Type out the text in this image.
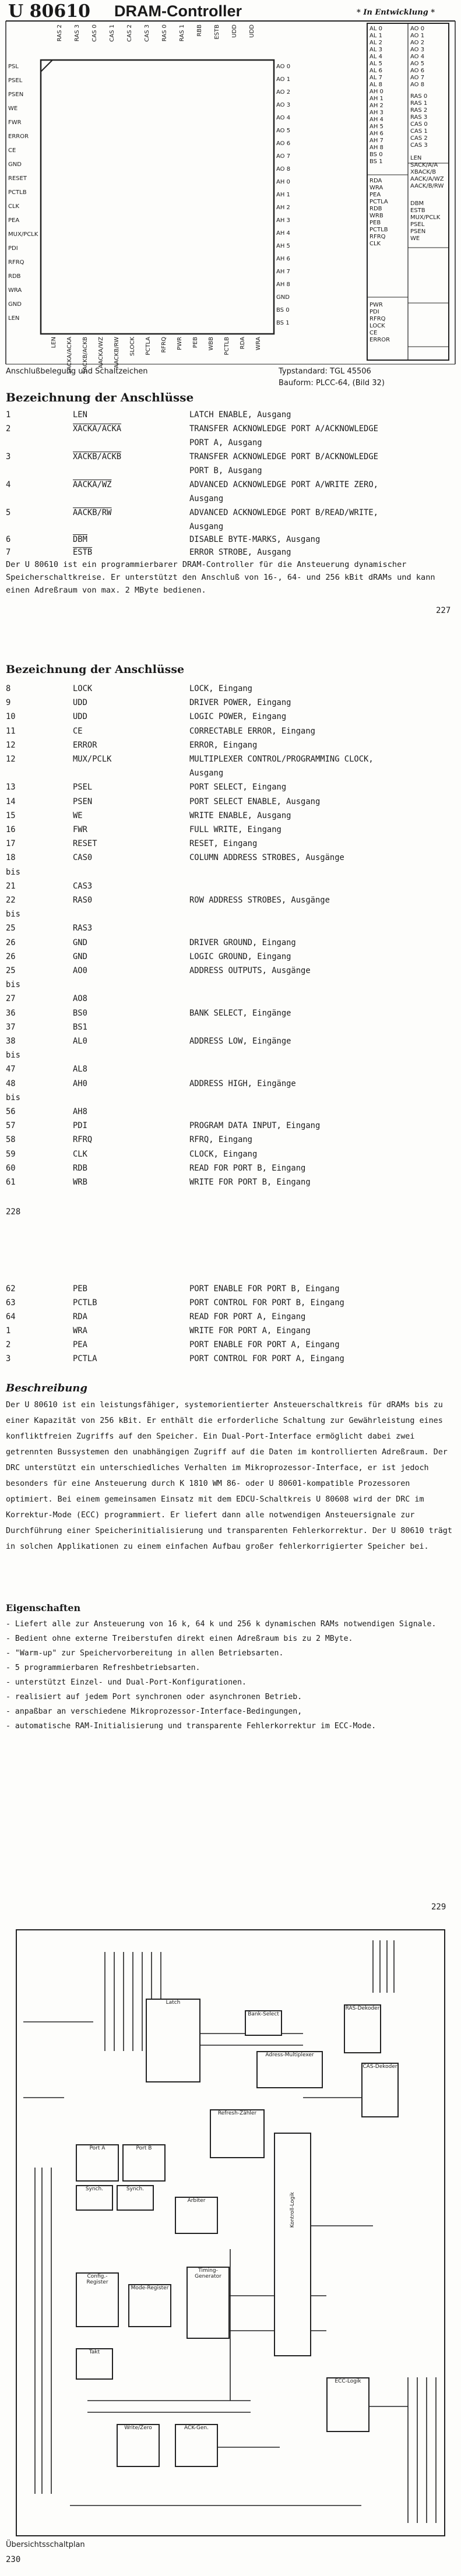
U 80610 DRAM-Controller	* In Entwicklung *
RAS 2 RAS 3 CAS 0 CAS 1 CAS 2 CAS 3 RAS 0 RAS 1 RBB ESTB UDD UDD
PSL
PSEL
PSEN
WE
FWR
ERROR
CE
GND
RESET
PCTLB
CLK
PEA
MUX/PCLK
PDI
RFRQ
RDB
WRA
GND
LEN
AO 0
AO 1
AO 2
AO 3
AO 4
AO 5
AO 6
AO 7
AO 8
AH 0
AH 1
AH 2
AH 3
AH 4
AH 5
AH 6
AH 7
AH 8
GND
BS 0
BS 1
LEN SACKA/ACKA SACKB/ACKB AACKA/WZ AACKB/RW SLOCK PCTLA RFRQ PWR PEB WBB PCTLB RDA WRA
AL 0
AL 1
AL 2
AL 3
AL 4
AL 5
AL 6
AL 7
AL 8
AH 0
AH 1
AH 2
AH 3
AH 4
AH 5
AH 6
AH 7
AH 8
BS 0
BS 1
RDA
WRA
PEA
PCTLA
RDB
WRB
PEB
PCTLB
RFRQ
CLK
PWR
PDI
RFRQ
LOCK
CE
ERROR
AO 0
AO 1
AO 2
AO 3
AO 4
AO 5
AO 6
AO 7
AO 8
RAS 0
RAS 1
RAS 2
RAS 3
CAS 0
CAS 1
CAS 2
CAS 3
LEN
SACK/A/A
XBACK/B
AACK/A/WZ
AACK/B/RW
DBM
ESTB
MUX/PCLK
PSEL
PSEN
WE
Anschlußbelegung und Schaltzeichen	Typstandard: TGL 45506
Bauform: PLCC-64, (Bild 32)
Bezeichnung der Anschlüsse
1	LEN	LATCH ENABLE, Ausgang
2	XACKA/ACKA	TRANSFER ACKNOWLEDGE PORT A/ACKNOWLEDGE
PORT A, Ausgang
3	XACKB/ACKB	TRANSFER ACKNOWLEDGE PORT B/ACKNOWLEDGE
PORT B, Ausgang
4	AACKA/WZ	ADVANCED ACKNOWLEDGE PORT A/WRITE ZERO,
Ausgang
5	AACKB/RW	ADVANCED ACKNOWLEDGE PORT B/READ/WRITE,
Ausgang
6	$\overline{DBM}$	DISABLE BYTE-MARKS, Ausgang
7	ESTB	ERROR STROBE, Ausgang
Der U 80610 ist ein programmierbarer DRAM-Controller für die Ansteuerung dynamischer Speicherschaltkreise. Er unterstützt den Anschluß von 16-, 64- und 256 kBit dRAMs und kann einen Adreßraum von max. 2 MByte bedienen.
227
Bezeichnung der Anschlüsse
8	LOCK	LOCK, Eingang
9	UDD	DRIVER POWER, Eingang
10	UDD	LOGIC POWER, Eingang
11	CE	CORRECTABLE ERROR, Eingang
12	ERROR	ERROR, Eingang
12	MUX/PCLK	MULTIPLEXER CONTROL/PROGRAMMING CLOCK,
Ausgang
13	PSEL	PORT SELECT, Eingang
14	PSEN	PORT SELECT ENABLE, Ausgang
15	WE	WRITE ENABLE, Ausgang
16	FWR	FULL WRITE, Eingang
17	RESET	RESET, Eingang
18	CAS0	COLUMN ADDRESS STROBES, Ausgänge
bis
21	CAS3
22	RAS0	ROW ADDRESS STROBES, Ausgänge
bis
25	RAS3
26	GND	DRIVER GROUND, Eingang
26	GND	LOGIC GROUND, Eingang
25	AO0	ADDRESS OUTPUTS, Ausgänge
bis
27	AO8
36	BS0	BANK SELECT, Eingänge
37	BS1
38	AL0	ADDRESS LOW, Eingänge
bis
47	AL8
48	AH0	ADDRESS HIGH, Eingänge
bis
56	AH8
57	PDI	PROGRAM DATA INPUT, Eingang
58	RFRQ	RFRQ, Eingang
59	CLK	CLOCK, Eingang
60	RDB	READ FOR PORT B, Eingang
61	WRB	WRITE FOR PORT B, Eingang
228
62	PEB	PORT ENABLE FOR PORT B, Eingang
63	PCTLB	PORT CONTROL FOR PORT B, Eingang
64	RDA	READ FOR PORT A, Eingang
1	WRA	WRITE FOR PORT A, Eingang
2	PEA	PORT ENABLE FOR PORT A, Eingang
3	PCTLA	PORT CONTROL FOR PORT A, Eingang
Beschreibung
Der U 80610 ist ein leistungsfähiger, systemorientierter Ansteuerschaltkreis für dRAMs bis zu einer Kapazität von 256 kBit. Er enthält die erforderliche Schaltung zur Gewährleistung eines konfliktfreien Zugriffs auf den Speicher. Ein Dual-Port-Interface ermöglicht dabei zwei getrennten Bussystemen den unabhängigen Zugriff auf die Daten im kontrollierten Adreßraum. Der DRC unterstützt ein unterschiedliches Verhalten im Mikroprozessor-Interface, er ist jedoch besonders für eine Ansteuerung durch K 1810 WM 86- oder U 80601-kompatible Prozessoren optimiert. Bei einem gemeinsamen Einsatz mit dem EDCU-Schaltkreis U 80608 wird der DRC im Korrektur-Mode (ECC) programmiert. Er liefert dann alle notwendigen Ansteuersignale zur Durchführung einer Speicherinitialisierung und transparenten Fehlerkorrektur. Der U 80610 trägt in solchen Applikationen zu einem einfachen Aufbau großer fehlerkorrigierter Speicher bei.
Eigenschaften
- Liefert alle zur Ansteuerung von 16 k, 64 k und 256 k dynamischen RAMs notwendigen Signale.
- Bedient ohne externe Treiberstufen direkt einen Adreßraum bis zu 2 MByte.
- "Warm-up" zur Speichervorbereitung in allen Betriebsarten.
- 5 programmierbaren Refreshbetriebsarten.
- unterstützt Einzel- und Dual-Port-Konfigurationen.
- realisiert auf jedem Port synchronen oder asynchronen Betrieb.
- anpaßbar an verschiedene Mikroprozessor-Interface-Bedingungen,
- automatische RAM-Initialisierung und transparente Fehlerkorrektur im ECC-Mode.
229
Latch
Adress-Multiplexer
Refresh-Zähler
Port A	Port B
Synch.	Synch.
Arbiter	Kontroll-Logik
Config.-Register
Mode-Register
Timing-Generator
RAS-Dekoder
CAS-Dekoder
Bank-Select
Takt
ECC-Logik
Write/Zero	ACK-Gen.
Übersichtsschaltplan
230
